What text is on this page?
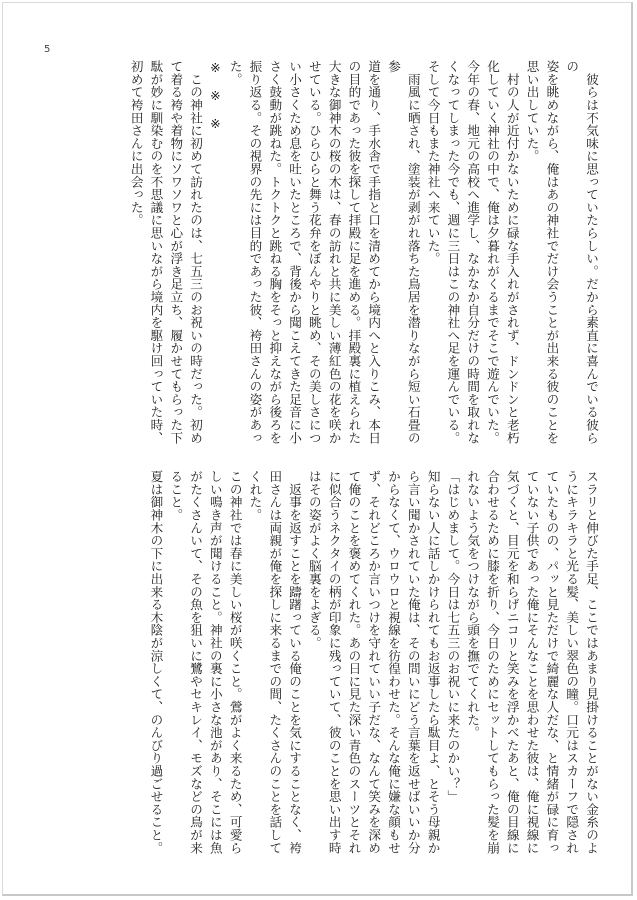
5

　彼らは不気味に思っていたらしい。だから素直に喜んでいる彼らの

姿を眺めながら、俺はあの神社でだけ会うことが出来る彼のことを

思い出していた。

　村の人が近付かないために碌な手入れがされず、ドンドンと老朽

化していく神社の中で、俺は夕暮れがくるまでそこで遊んでいた。

今年の春、地元の高校へ進学し、なかなか自分だけの時間を取れな

くなってしまった今でも、週に三日はこの神社へ足を運んでいる。

そして今日もまた神社へ来ていた。

　雨風に晒され、塗装が剥がれ落ちた鳥居を潜りながら短い石畳の参

道を通り、手水舎で手指と口を清めてから境内へと入りこみ、本日

の目的であった彼を探して拝殿に足を進める。拝殿裏に植えられた

大きな御神木の桜の木は、春の訪れと共に美しい薄紅色の花を咲か

せている。ひらひらと舞う花弁をぼんやりと眺め、その美しさにつ

い小さくため息を吐いたところで、背後から聞こえてきた足音に小

さく鼓動が跳ねた。トクトクと跳ねる胸をそっと抑えながら後ろを

振り返る。その視界の先には目的であった彼、袴田さんの姿があっ

た。

※　※　※

　この神社に初めて訪れたのは、七五三のお祝いの時だった。初め

て着る袴や着物にソワソワと心が浮き足立ち、履かせてもらった下

駄が妙に馴染むのを不思議に思いながら境内を駆け回っていた時、

初めて袴田さんに出会った。

スラリと伸びた手足、ここではあまり見掛けることがない金糸のよ

うにキラキラと光る髪、美しい翠色の瞳。口元はスカーフで隠され

ていたものの、パッと見ただけで綺麗な人だな、と情緒が碌に育っ

ていない子供であった俺にそんなことを思わせた彼は、俺に視線に

気づくと、目元を和らげニコリと笑みを浮かべたあと、俺の目線に

合わせるために膝を折り、今日のためにセットしてもらった髪を崩

れないよう気をつけながら頭を撫でてくれた。

「はじめまして。今日は七五三のお祝いに来たのかい？」

知らない人に話しかけられてもお返事したら駄目よ、とそう母親か

ら言い聞かされていた俺は、その問いにどう言葉を返せばいいか分

からなくて、ウロウロと視線を彷徨わせた。そんな俺に嫌な顔もせ

ず、それどころか言いつけを守れていい子だな、なんて笑みを深め

て俺のことを褒めてくれた。あの日に見た深い青色のスーツとそれ

に似合うネクタイの柄が印象に残っていて、彼のことを思い出す時

はその姿がよく脳裏をよぎる。

　返事を返すことを躊躇っている俺のことを気にすることなく、袴

田さんは両親が俺を探しに来るまでの間、たくさんのことを話して

くれた。

この神社では春に美しい桜が咲くこと。鶯がよく来るため、可愛ら

しい鳴き声が聞けること。神社の裏に小さな池があり、そこには魚

がたくさんいて、その魚を狙いに鷺やセキレイ、モズなどの鳥が来

ること。

夏は御神木の下に出来る木陰が涼しくて、のんびり過ごせること。
